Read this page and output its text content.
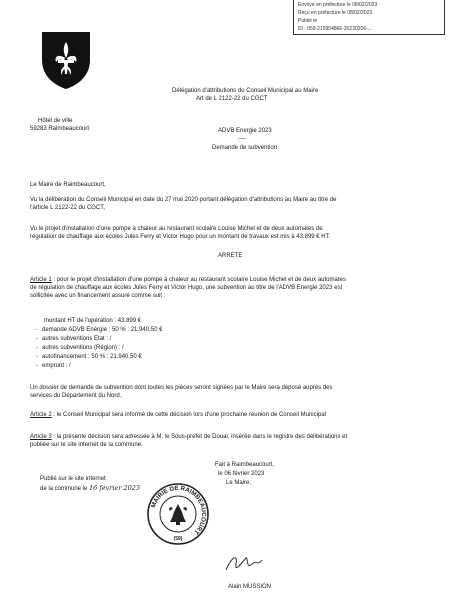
Envoyé en préfecture le 08/02/2023
Reçu en préfecture le 08/02/2023
Publié le
ID : 059-215904866-20230206-...
Hôtel de ville
59283 Raimbeaucourt
Délégation d'attributions du Conseil Municipal au Maire
Art de L 2122-22 du CGCT
ADVB Energie 2023
----
Demande de subvention
Le Maire de Raimbeaucourt,
Vu la délibération du Conseil Municipal en date du 27 mai 2020 portant délégation d'attributions au Maire au titre de
l'article L 2122-22 du CGCT,
Vu le projet d'installation d'une pompe à chaleur au restaurant scolaire Louise Michel et de deux automates de
régulation de chauffage aux écoles Jules Ferry et Victor Hugo pour un montant de travaux est mis à 43.899 € HT.
ARRETE
Article 1 : pour le projet d'installation d'une pompe à chaleur au restaurant scolaire Louise Michel et de deux automates
de régulation de chauffage aux écoles Jules Ferry et Victor Hugo, une subvention au titre de l'ADVB Energie 2023 est
sollicitée avec un financement assuré comme suit :
montant HT de l'opération : 43.899 €
- demande ADVB Energie : 50 % : 21.940,50 €
- autres subventions Etat : /
- autres subventions (Région) : /
- autofinancement : 50 % : 21.940,50 €
- emprunt : /
Un dossier de demande de subvention dont toutes les pièces seront signées par le Maire sera déposé auprès des
services du Département du Nord.
Article 2 : le Conseil Municipal sera informé de cette décision lors d'une prochaine réunion de Conseil Municipal
Article 3 : la présente décision sera adressée à M. le Sous-préfet de Douai, insérée dans le registre des délibérations et
publiée sur le site internet de la commune.
Fait à Raimbeaucourt,
le 06 février 2023
Le Maire,
Publié sur le site internet
de la commune le 16 février 2023
MAIRIE DE RAIMBEAUCOURT
(59)
Alain MUSSION
